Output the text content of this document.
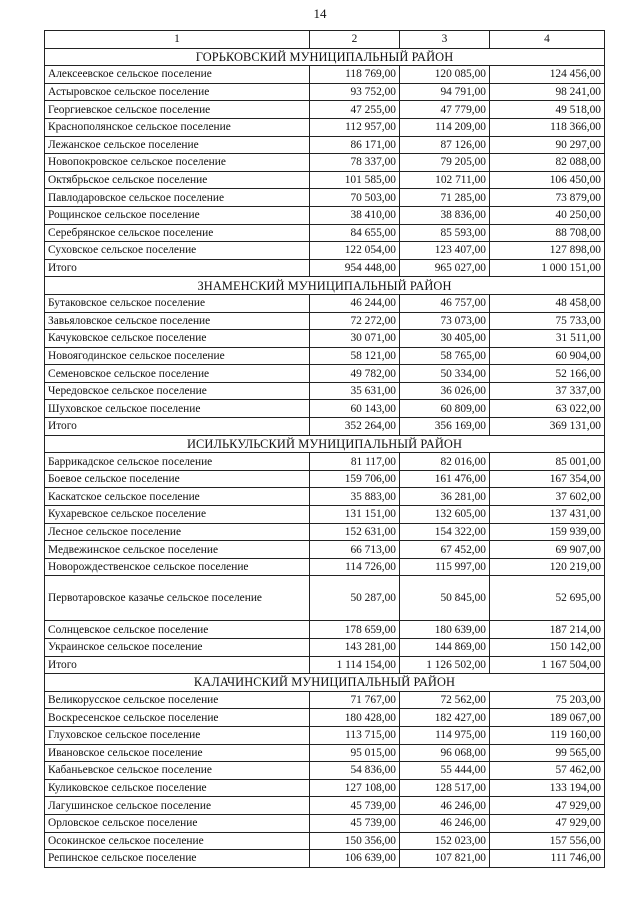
14
1	2	3	4
ГОРЬКОВСКИЙ МУНИЦИПАЛЬНЫЙ РАЙОН			
Алексеевское сельское поселение	118 769,00	120 085,00	124 456,00
Астыровское сельское поселение	93 752,00	94 791,00	98 241,00
Георгиевское сельское поселение	47 255,00	47 779,00	49 518,00
Краснополянское сельское поселение	112 957,00	114 209,00	118 366,00
Лежанское сельское поселение	86 171,00	87 126,00	90 297,00
Новопокровское сельское поселение	78 337,00	79 205,00	82 088,00
Октябрьское сельское поселение	101 585,00	102 711,00	106 450,00
Павлодаровское сельское поселение	70 503,00	71 285,00	73 879,00
Рощинское сельское поселение	38 410,00	38 836,00	40 250,00
Серебрянское сельское поселение	84 655,00	85 593,00	88 708,00
Суховское сельское поселение	122 054,00	123 407,00	127 898,00
Итого	954 448,00	965 027,00	1 000 151,00
ЗНАМЕНСКИЙ МУНИЦИПАЛЬНЫЙ РАЙОН			
Бутаковское сельское поселение	46 244,00	46 757,00	48 458,00
Завьяловское сельское поселение	72 272,00	73 073,00	75 733,00
Качуковское сельское поселение	30 071,00	30 405,00	31 511,00
Новоягодинское сельское поселение	58 121,00	58 765,00	60 904,00
Семеновское сельское поселение	49 782,00	50 334,00	52 166,00
Чередовское сельское поселение	35 631,00	36 026,00	37 337,00
Шуховское сельское поселение	60 143,00	60 809,00	63 022,00
Итого	352 264,00	356 169,00	369 131,00
ИСИЛЬКУЛЬСКИЙ МУНИЦИПАЛЬНЫЙ РАЙОН			
Баррикадское сельское поселение	81 117,00	82 016,00	85 001,00
Боевое сельское поселение	159 706,00	161 476,00	167 354,00
Каскатское сельское поселение	35 883,00	36 281,00	37 602,00
Кухаревское сельское поселение	131 151,00	132 605,00	137 431,00
Лесное сельское поселение	152 631,00	154 322,00	159 939,00
Медвежинское сельское поселение	66 713,00	67 452,00	69 907,00
Новорождественское сельское поселение	114 726,00	115 997,00	120 219,00
Первотаровское казачье сельское поселение	50 287,00	50 845,00	52 695,00
Солнцевское сельское поселение	178 659,00	180 639,00	187 214,00
Украинское сельское поселение	143 281,00	144 869,00	150 142,00
Итого	1 114 154,00	1 126 502,00	1 167 504,00
КАЛАЧИНСКИЙ МУНИЦИПАЛЬНЫЙ РАЙОН			
Великорусское сельское поселение	71 767,00	72 562,00	75 203,00
Воскресенское сельское поселение	180 428,00	182 427,00	189 067,00
Глуховское сельское поселение	113 715,00	114 975,00	119 160,00
Ивановское сельское поселение	95 015,00	96 068,00	99 565,00
Кабаньевское сельское поселение	54 836,00	55 444,00	57 462,00
Куликовское сельское поселение	127 108,00	128 517,00	133 194,00
Лагушинское сельское поселение	45 739,00	46 246,00	47 929,00
Орловское сельское поселение	45 739,00	46 246,00	47 929,00
Осокинское сельское поселение	150 356,00	152 023,00	157 556,00
Репинское сельское поселение	106 639,00	107 821,00	111 746,00
